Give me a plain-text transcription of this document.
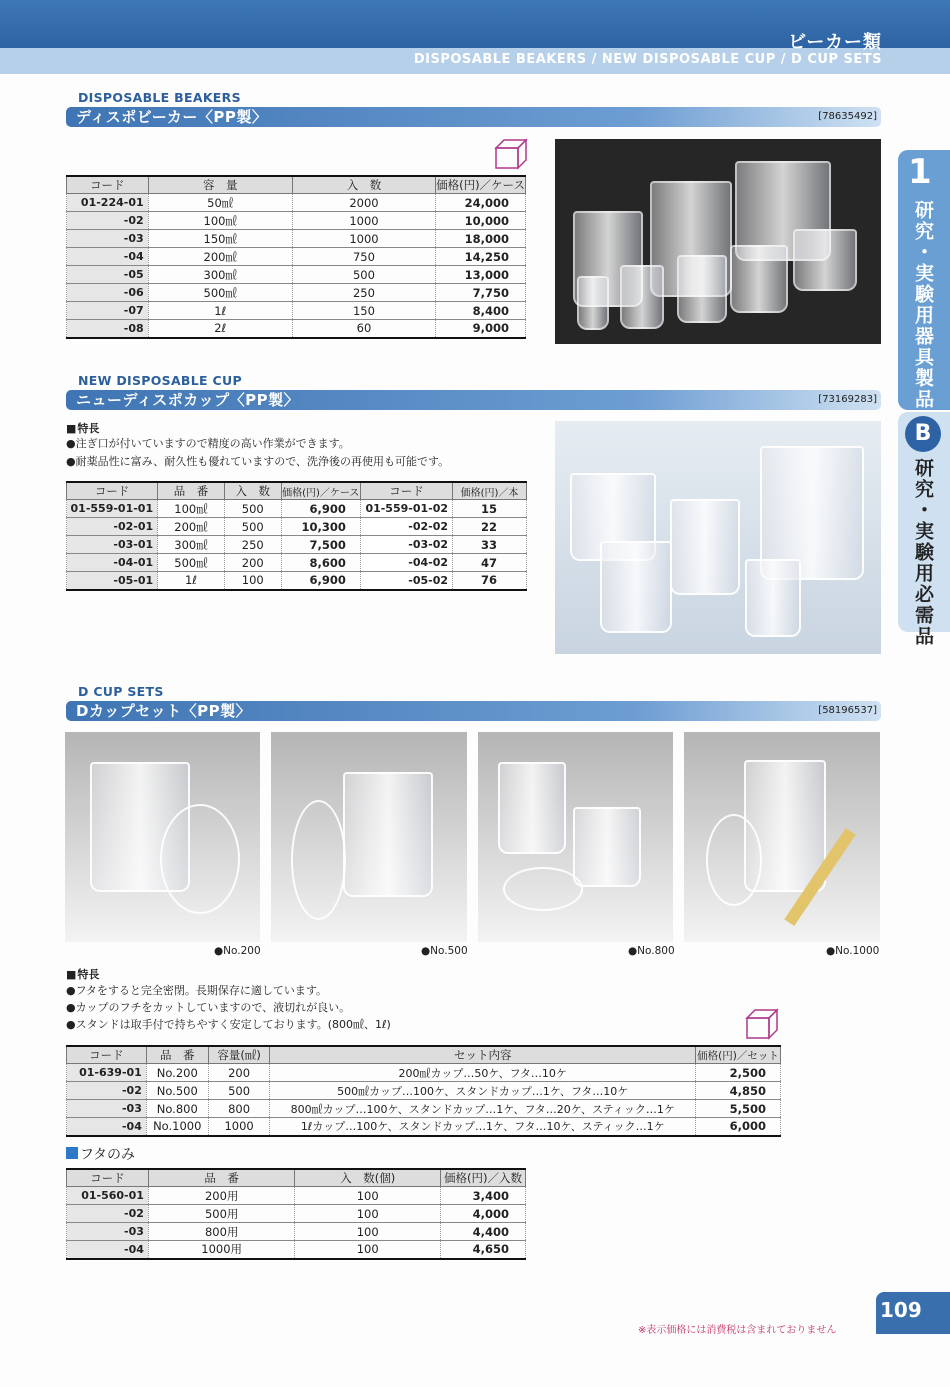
ビーカー類
DISPOSABLE BEAKERS / NEW DISPOSABLE CUP / D CUP SETS
1
研究・実験用器具製品
B
研究・実験用必需品
DISPOSABLE BEAKERS
ディスポビーカー〈PP製〉	[78635492]
コード	容　量	入　数	価格(円)／ケース
01-224-01	50㎖	2000	24,000
-02	100㎖	1000	10,000
-03	150㎖	1000	18,000
-04	200㎖	750	14,250
-05	300㎖	500	13,000
-06	500㎖	250	7,750
-07	1ℓ	150	8,400
-08	2ℓ	60	9,000
NEW DISPOSABLE CUP
ニューディスポカップ〈PP製〉	[73169283]
■ 特長
●注ぎ口が付いていますので精度の高い作業ができます。
●耐薬品性に富み、耐久性も優れていますので、洗浄後の再使用も可能です。
コード	品　番	入　数	価格(円)／ケース	コード	価格(円)／本
01-559-01-01	100㎖	500	6,900	01-559-01-02	15
-02-01	200㎖	500	10,300	-02-02	22
-03-01	300㎖	250	7,500	-03-02	33
-04-01	500㎖	200	8,600	-04-02	47
-05-01	1ℓ	100	6,900	-05-02	76
D CUP SETS
Dカップセット〈PP製〉	[58196537]
●No.200	●No.500	●No.800	●No.1000
■ 特長
●フタをすると完全密閉。長期保存に適しています。
●カップのフチをカットしていますので、液切れが良い。
●スタンドは取手付で持ちやすく安定しております。(800㎖、1ℓ)
コード	品　番	容量(㎖)	セット内容	価格(円)／セット
01-639-01	No.200	200	200㎖カップ…50ケ、フタ…10ケ	2,500
-02	No.500	500	500㎖カップ…100ケ、スタンドカップ…1ケ、フタ…10ケ	4,850
-03	No.800	800	800㎖カップ…100ケ、スタンドカップ…1ケ、フタ…20ケ、スティック…1ケ	5,500
-04	No.1000	1000	1ℓカップ…100ケ、スタンドカップ…1ケ、フタ…10ケ、スティック…1ケ	6,000
フタのみ
コード	品　番	入　数(個)	価格(円)／入数
01-560-01	200用	100	3,400
-02	500用	100	4,000
-03	800用	100	4,400
-04	1000用	100	4,650
※表示価格には消費税は含まれておりません
109
